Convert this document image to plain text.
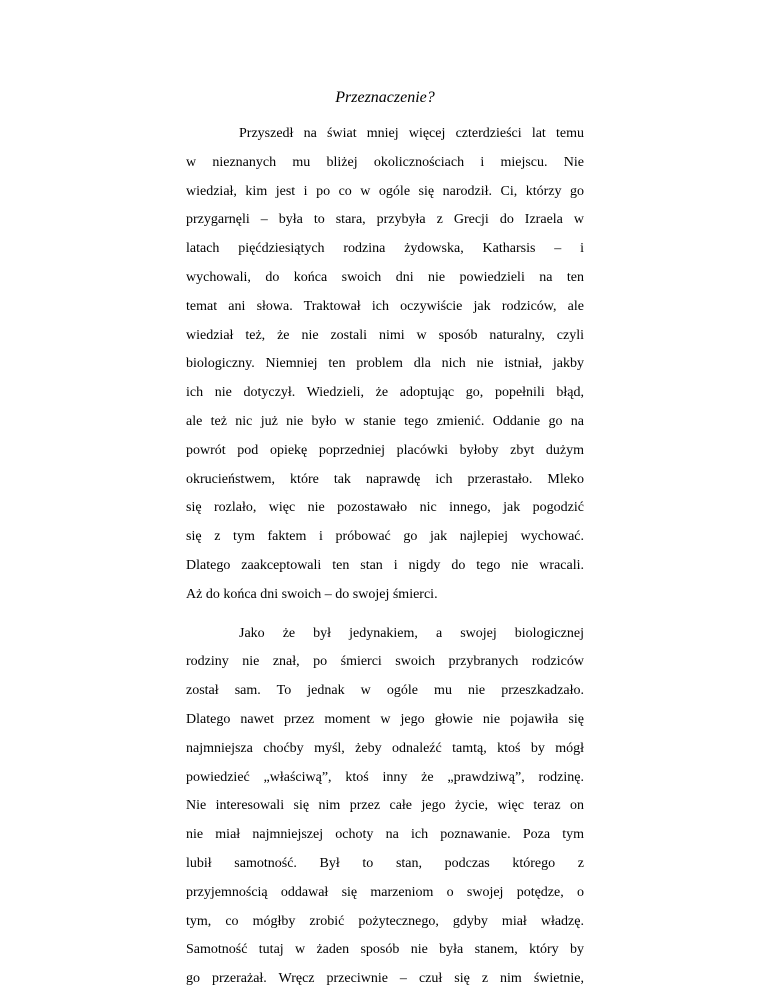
Przeznaczenie?
Przyszedł na świat mniej więcej czterdzieści lat temu
w nieznanych mu bliżej okolicznościach i miejscu. Nie
wiedział, kim jest i po co w ogóle się narodził. Ci, którzy go
przygarnęli – była to stara, przybyła z Grecji do Izraela w
latach pięćdziesiątych rodzina żydowska, Katharsis – i
wychowali, do końca swoich dni nie powiedzieli na ten
temat ani słowa. Traktował ich oczywiście jak rodziców, ale
wiedział też, że nie zostali nimi w sposób naturalny, czyli
biologiczny. Niemniej ten problem dla nich nie istniał, jakby
ich nie dotyczył. Wiedzieli, że adoptując go, popełnili błąd,
ale też nic już nie było w stanie tego zmienić. Oddanie go na
powrót pod opiekę poprzedniej placówki byłoby zbyt dużym
okrucieństwem, które tak naprawdę ich przerastało. Mleko
się rozlało, więc nie pozostawało nic innego, jak pogodzić
się z tym faktem i próbować go jak najlepiej wychować.
Dlatego zaakceptowali ten stan i nigdy do tego nie wracali.
Aż do końca dni swoich – do swojej śmierci.
Jako że był jedynakiem, a swojej biologicznej
rodziny nie znał, po śmierci swoich przybranych rodziców
został sam. To jednak w ogóle mu nie przeszkadzało.
Dlatego nawet przez moment w jego głowie nie pojawiła się
najmniejsza choćby myśl, żeby odnaleźć tamtą, ktoś by mógł
powiedzieć „właściwą”, ktoś inny że „prawdziwą”, rodzinę.
Nie interesowali się nim przez całe jego życie, więc teraz on
nie miał najmniejszej ochoty na ich poznawanie. Poza tym
lubił samotność. Był to stan, podczas którego z
przyjemnością oddawał się marzeniom o swojej potędze, o
tym, co mógłby zrobić pożytecznego, gdyby miał władzę.
Samotność tutaj w żaden sposób nie była stanem, który by
go przerażał. Wręcz przeciwnie – czuł się z nim świetnie,
